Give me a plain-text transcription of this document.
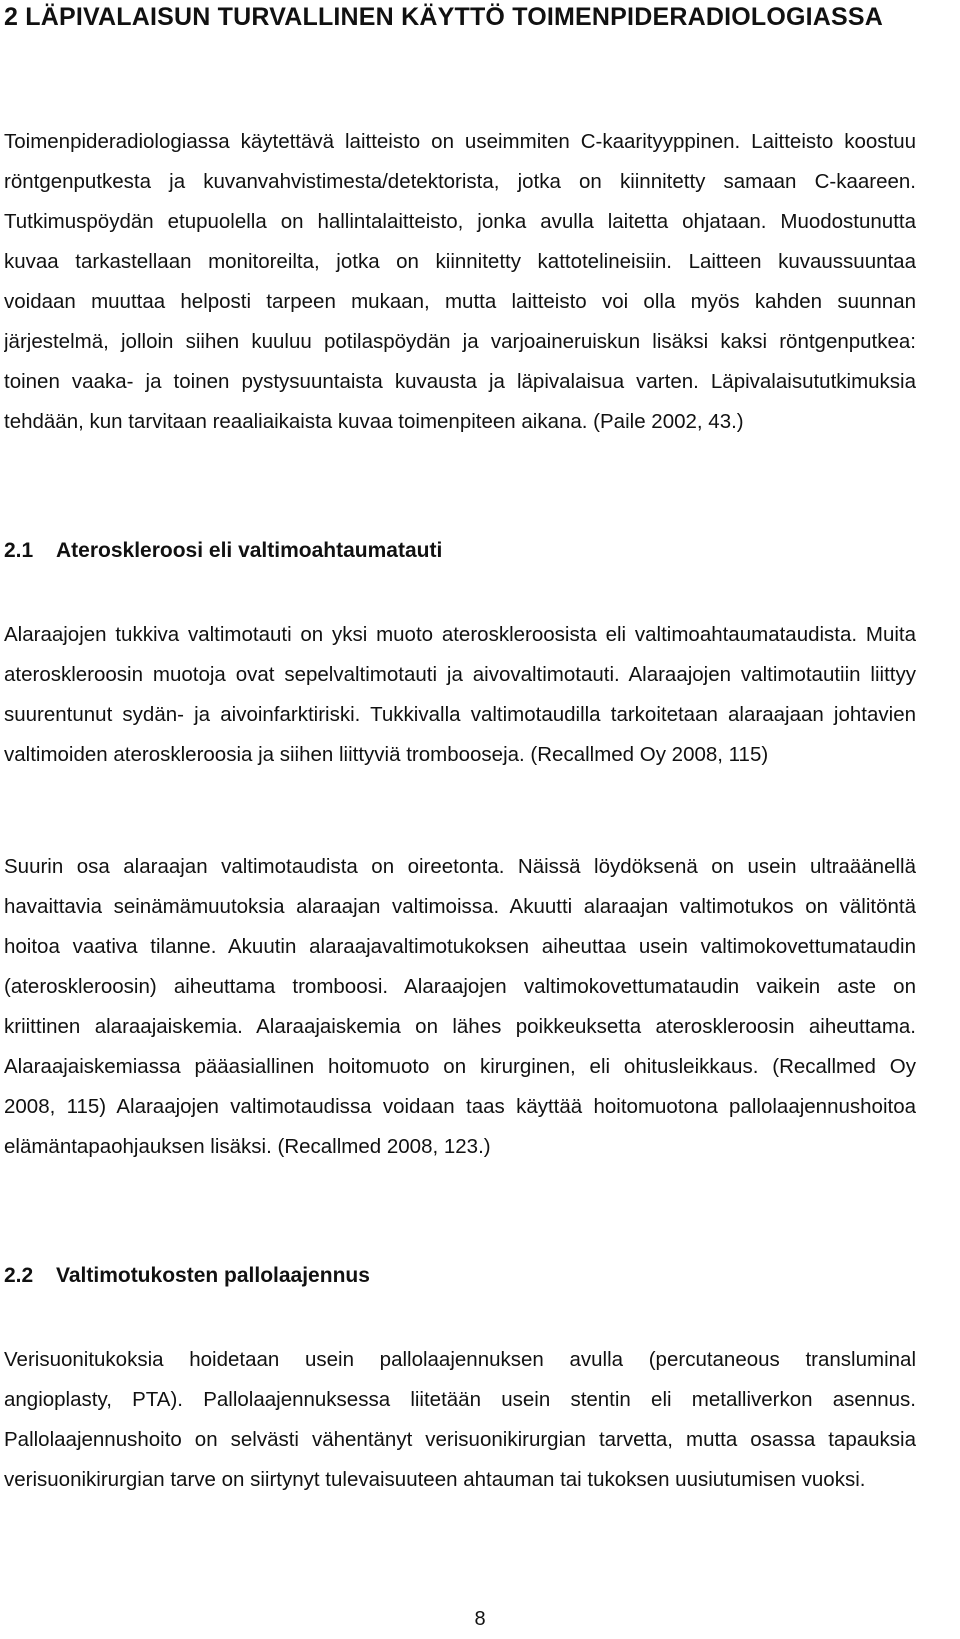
2 LÄPIVALAISUN TURVALLINEN KÄYTTÖ TOIMENPIDERADIOLOGIASSA
Toimenpideradiologiassa käytettävä laitteisto on useimmiten C-kaarityyppinen. Laitteisto koostuu
röntgenputkesta ja kuvanvahvistimesta/detektorista, jotka on kiinnitetty samaan C-kaareen.
Tutkimuspöydän etupuolella on hallintalaitteisto, jonka avulla laitetta ohjataan. Muodostunutta
kuvaa tarkastellaan monitoreilta, jotka on kiinnitetty kattotelineisiin. Laitteen kuvaussuuntaa
voidaan muuttaa helposti tarpeen mukaan, mutta laitteisto voi olla myös kahden suunnan
järjestelmä, jolloin siihen kuuluu potilaspöydän ja varjoaineruiskun lisäksi kaksi röntgenputkea:
toinen vaaka- ja toinen pystysuuntaista kuvausta ja läpivalaisua varten. Läpivalaisututkimuksia
tehdään, kun tarvitaan reaaliaikaista kuvaa toimenpiteen aikana. (Paile 2002, 43.)
2.1 Ateroskleroosi eli valtimoahtaumatauti
Alaraajojen tukkiva valtimotauti on yksi muoto ateroskleroosista eli valtimoahtaumataudista. Muita
ateroskleroosin muotoja ovat sepelvaltimotauti ja aivovaltimotauti. Alaraajojen valtimotautiin liittyy
suurentunut sydän- ja aivoinfarktiriski. Tukkivalla valtimotaudilla tarkoitetaan alaraajaan johtavien
valtimoiden ateroskleroosia ja siihen liittyviä trombooseja. (Recallmed Oy 2008, 115)
Suurin osa alaraajan valtimotaudista on oireetonta. Näissä löydöksenä on usein ultraäänellä
havaittavia seinämämuutoksia alaraajan valtimoissa. Akuutti alaraajan valtimotukos on välitöntä
hoitoa vaativa tilanne. Akuutin alaraajavaltimotukoksen aiheuttaa usein valtimokovettumataudin
(ateroskleroosin) aiheuttama tromboosi. Alaraajojen valtimokovettumataudin vaikein aste on
kriittinen alaraajaiskemia. Alaraajaiskemia on lähes poikkeuksetta ateroskleroosin aiheuttama.
Alaraajaiskemiassa pääasiallinen hoitomuoto on kirurginen, eli ohitusleikkaus. (Recallmed Oy
2008, 115) Alaraajojen valtimotaudissa voidaan taas käyttää hoitomuotona pallolaajennushoitoa
elämäntapaohjauksen lisäksi. (Recallmed 2008, 123.)
2.2 Valtimotukosten pallolaajennus
Verisuonitukoksia hoidetaan usein pallolaajennuksen avulla (percutaneous transluminal
angioplasty, PTA). Pallolaajennuksessa liitetään usein stentin eli metalliverkon asennus.
Pallolaajennushoito on selvästi vähentänyt verisuonikirurgian tarvetta, mutta osassa tapauksia
verisuonikirurgian tarve on siirtynyt tulevaisuuteen ahtauman tai tukoksen uusiutumisen vuoksi.
8
